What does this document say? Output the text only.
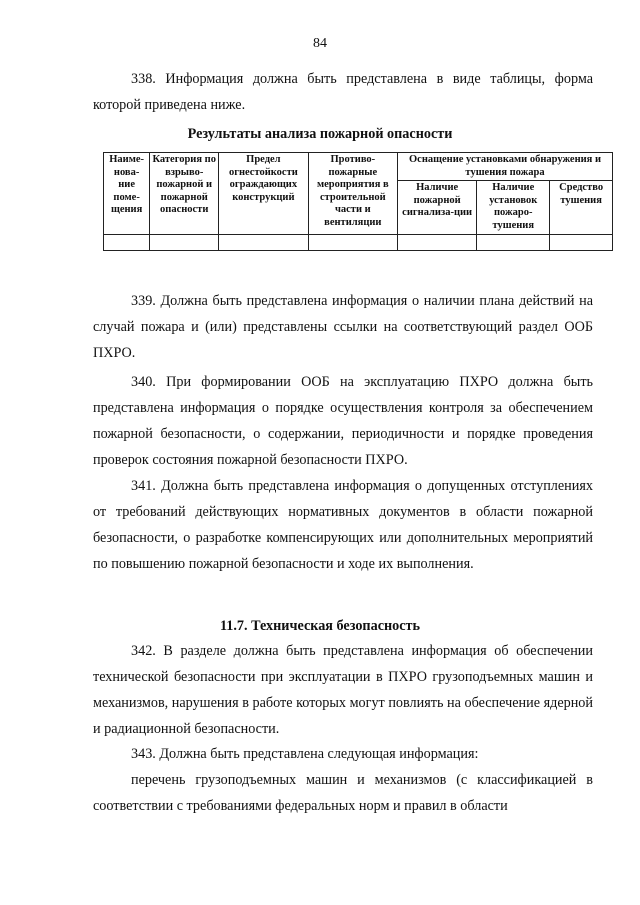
84

338. Информация должна быть представлена в виде таблицы, форма которой приведена ниже.

Результаты анализа пожарной опасности
Наиме-нова-ние поме-щения	Категория по взрыво-пожарной и пожарной опасности	Предел огнестойкости ограждающих конструкций	Противо-пожарные мероприятия в строительной части и вентиляции	Оснащение установками обнаружения и тушения пожара		

				Наличие пожарной сигнализа-ции	Наличие установок пожаро-тушения	Средство тушения

339. Должна быть представлена информация о наличии плана действий на случай пожара и (или) представлены ссылки на соответствующий раздел ООБ ПХРО.

340. При формировании ООБ на эксплуатацию ПХРО должна быть представлена информация о порядке осуществления контроля за обеспечением пожарной безопасности, о содержании, периодичности и порядке проведения проверок состояния пожарной безопасности ПХРО.

341. Должна быть представлена информация о допущенных отступлениях от требований действующих нормативных документов в области пожарной безопасности, о разработке компенсирующих или дополнительных мероприятий по повышению пожарной безопасности и ходе их выполнения.

11.7. Техническая безопасность

342. В разделе должна быть представлена информация об обеспечении технической безопасности при эксплуатации в ПХРО грузоподъемных машин и механизмов, нарушения в работе которых могут повлиять на обеспечение ядерной и радиационной безопасности.

343. Должна быть представлена следующая информация:

перечень грузоподъемных машин и механизмов (с классификацией в соответствии с требованиями федеральных норм и правил в области
